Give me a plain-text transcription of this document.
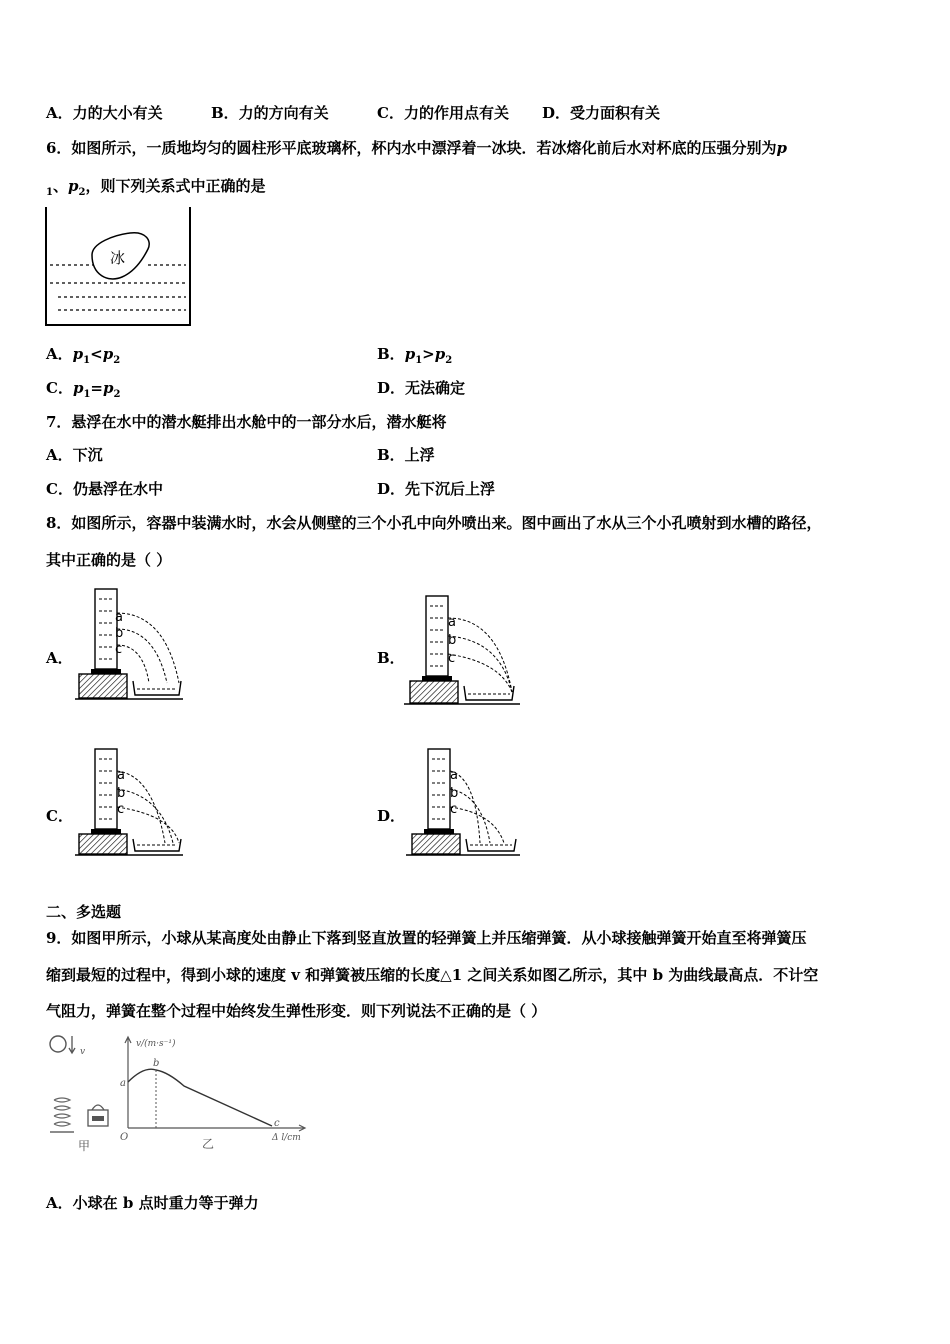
A．力的大小有关	B．力的方向有关	C．力的作用点有关 D．受力面积有关
6．如图所示，一质地均匀的圆柱形平底玻璃杯，杯内水中漂浮着一冰块．若冰熔化前后水对杯底的压强分别为p
$_1$、$p_2$，则下列关系式中正确的是
冰
A．$p_1<p_2$	B．$p_1>p_2$
C．$p_1=p_2$	D．无法确定
7．悬浮在水中的潜水艇排出水舱中的一部分水后，潜水艇将
A．下沉	B．上浮
C．仍悬浮在水中	D．先下沉后上浮
8．如图所示，容器中装满水时，水会从侧壁的三个小孔中向外喷出来。图中画出了水从三个小孔喷射到水槽的路径，
其中正确的是（ ）
A．	B．
C．	D．
a
b
c
a
b
c
a
b
c
a
b
c
二、多选题
9．如图甲所示，小球从某高度处由静止下落到竖直放置的轻弹簧上并压缩弹簧．从小球接触弹簧开始直至将弹簧压
缩到最短的过程中，得到小球的速度 v 和弹簧被压缩的长度△1 之间关系如图乙所示，其中 b 为曲线最高点．不计空
气阻力，弹簧在整个过程中始终发生弹性形变．则下列说法不正确的是（ ）
v
甲
v/(m·s⁻¹)
Δ l/cm
O
a
b
c
乙
A．小球在 b 点时重力等于弹力
